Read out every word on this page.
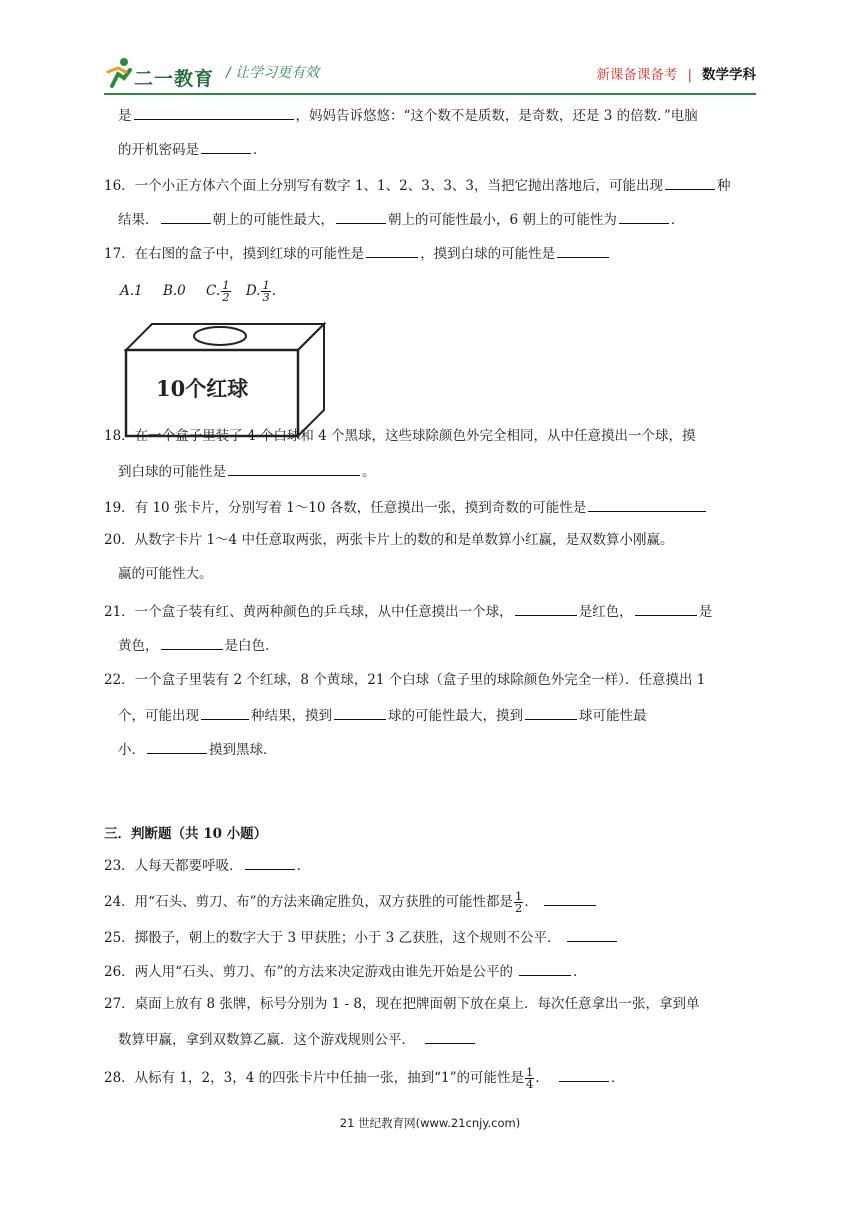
二一教育 / 让学习更有效	新课备课备考 | 数学学科
是	，妈妈告诉悠悠：“这个数不是质数，是奇数，还是 3 的倍数．”电脑
的开机密码是	．
16．一个小正方体六个面上分别写有数字 1、1、2、3、3、3，当把它抛出落地后，可能出现	种
结果．	朝上的可能性最大，	朝上的可能性最小，6 朝上的可能性为	．
17．在右图的盒子中，摸到红球的可能性是	，摸到白球的可能性是
A.1 B.0 C. $\frac{1}{2} D$. $\frac{1}{3}$ .
10个红球
18．在一个盒子里装了 4 个白球和 4 个黑球，这些球除颜色外完全相同，从中任意摸出一个球，摸
到白球的可能性是	。
19．有 10 张卡片，分别写着 1～10 各数，任意摸出一张，摸到奇数的可能性是
20．从数字卡片 1～4 中任意取两张，两张卡片上的数的和是单数算小红赢，是双数算小刚赢。
赢的可能性大。
21．一个盒子装有红、黄两种颜色的乒乓球，从中任意摸出一个球，	是红色，	是
黄色，	是白色．
22．一个盒子里装有 2 个红球，8 个黄球，21 个白球（盒子里的球除颜色外完全一样）．任意摸出 1
个，可能出现	种结果，摸到	球的可能性最大，摸到	球可能性最
小．	摸到黑球．
三．判断题（共 10 小题）
23．人每天都要呼吸．	．
24．用“石头、剪刀、布”的方法来确定胜负，双方获胜的可能性都是 $\frac{1}{2}$ ．
25．掷骰子，朝上的数字大于 3 甲获胜；小于 3 乙获胜，这个规则不公平．
26．两人用“石头、剪刀、布”的方法来决定游戏由谁先开始是公平的	．
27．桌面上放有 8 张牌，标号分别为 1 - 8，现在把牌面朝下放在桌上．每次任意拿出一张，拿到单
数算甲赢，拿到双数算乙赢．这个游戏规则公平．
28．从标有 1，2，3，4 的四张卡片中任抽一张，抽到“1”的可能性是 $\frac{1}{4}$ ．	．
21 世纪教育网(www.21cnjy.com)
